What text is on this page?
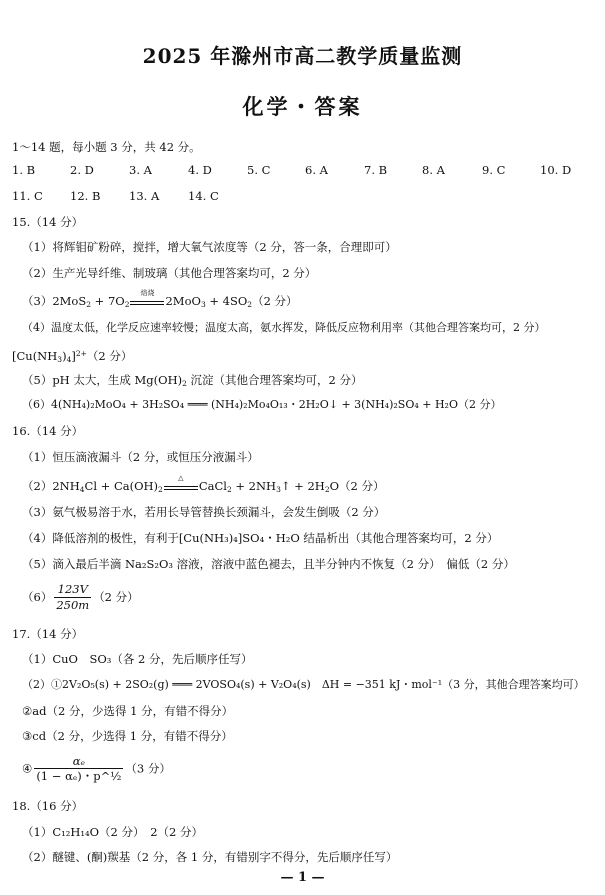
2025 年滁州市高二教学质量监测
化学・答案
1～14 题，每小题 3 分，共 42 分。
1. B	2. D	3. A	4. D	5. C	6. A	7. B	8. A	9. C	10. D
11. C 12. B 13. A	14. C
15.（14 分）
（1）将辉钼矿粉碎，搅拌，增大氧气浓度等（2 分，答一条，合理即可）
（2）生产光导纤维、制玻璃（其他合理答案均可，2 分）
$(3)2MoS_2 + 7O_2$
焙烧
$2MoO_3 + 4SO_2(2$ 分）
（4）温度太低，化学反应速率较慢；温度太高，氨水挥发，降低反应物利用率（其他合理答案均可，2 分）
$[Cu(NH_3)_4]^{2+}(2$ 分）
（5）pH 太大，生成 $Mg(OH)_2$ 沉淀（其他合理答案均可，2 分）
（6）4(NH₄)₂MoO₄ + 3H₂SO₄ ═══ (NH₄)₂Mo₄O₁₃・2H₂O↓ + 3(NH₄)₂SO₄ + H₂O（2 分）
16.（14 分）
（1）恒压滴液漏斗（2 分，或恒压分液漏斗）
$(2)2NH_4Cl + Ca(OH)_2$
△
CaCl$_2$ + $2NH_3↑ + 2H_2O(2$ 分）
（3）氨气极易溶于水，若用长导管替换长颈漏斗，会发生倒吸（2 分）
（4）降低溶剂的极性，有利于[Cu(NH₃)₄]SO₄・H₂O 结晶析出（其他合理答案均可，2 分）
（5）滴入最后半滴 Na₂S₂O₃ 溶液，溶液中蓝色褪去，且半分钟内不恢复（2 分）　偏低（2 分）
$(6) \frac{123V}{250m} (2$ 分）
17.（14 分）
（1）CuO　SO₃（各 2 分，先后顺序任写）
（2）①2V₂O₅(s) + 2SO₂(g) ═══ 2VOSO₄(s) + V₂O₄(s)　ΔH = −351 kJ・mol⁻¹（3 分，其他合理答案均可）
②ad（2 分，少选得 1 分，有错不得分）
③cd（2 分，少选得 1 分，有错不得分）
④ $\frac{\text{αₑ}}{\text{(1 − αₑ)・p\textasciicircum{}½}} (3$ 分）
18.（16 分）
（1）C₁₂H₁₄O（2 分）　2（2 分）
（2）醚键、(酮)羰基（2 分，各 1 分，有错别字不得分，先后顺序任写）
— 1 —
